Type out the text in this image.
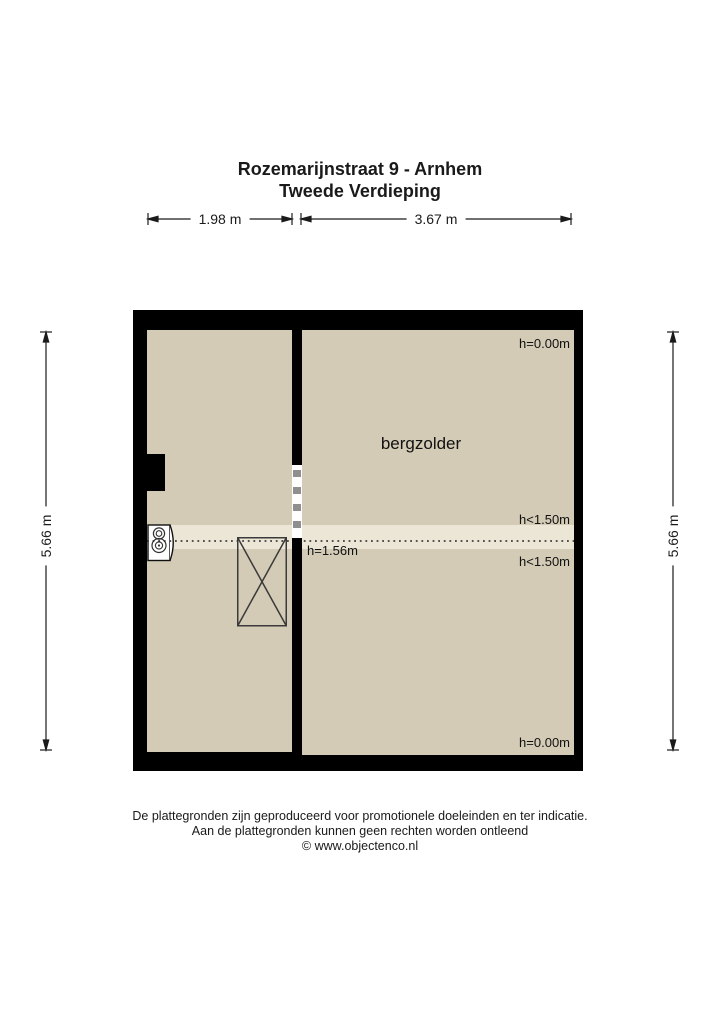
Rozemarijnstraat 9 - Arnhem
Tweede Verdieping
1.98 m	3.67 m
5.66 m	5.66 m
bergzolder
h=0.00m
h<1.50m
h<1.50m
h=0.00m
h=1.56m
De plattegronden zijn geproduceerd voor promotionele doeleinden en ter indicatie.
Aan de plattegronden kunnen geen rechten worden ontleend
© www.objectenco.nl
